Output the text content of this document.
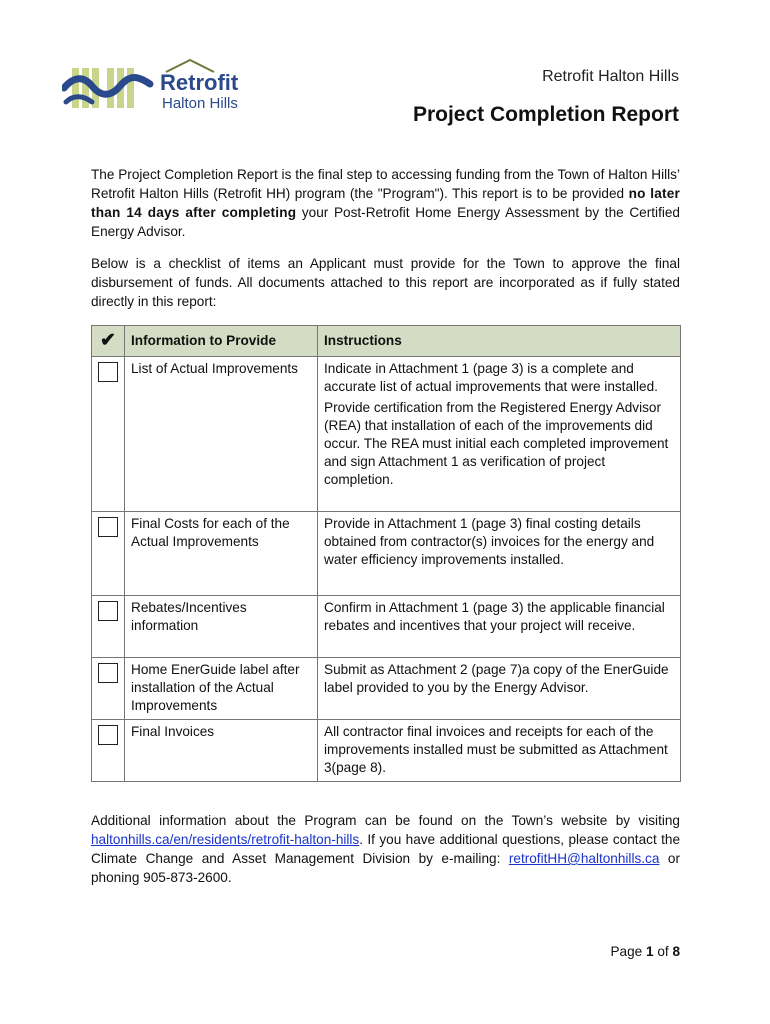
Retrofit
Halton Hills
Retrofit Halton Hills
Project Completion Report
The Project Completion Report is the final step to accessing funding from the Town of Halton Hills’ Retrofit Halton Hills (Retrofit HH) program (the "Program"). This report is to be provided no later than 14 days after completing your Post-Retrofit Home Energy Assessment by the Certified Energy Advisor.
Below is a checklist of items an Applicant must provide for the Town to approve the final disbursement of funds. All documents attached to this report are incorporated as if fully stated directly in this report:
✔	Information to Provide	Instructions
	List of Actual Improvements	Indicate in Attachment 1 (page 3) is a complete and accurate list of actual improvements that were installed.

Provide certification from the Registered Energy Advisor (REA) that installation of each of the improvements did occur. The REA must initial each completed improvement and sign Attachment 1 as verification of project completion.

	Final Costs for each of the Actual Improvements	Provide in Attachment 1 (page 3) final costing details obtained from contractor(s) invoices for the energy and water efficiency improvements installed.
	Rebates/Incentives information	Confirm in Attachment 1 (page 3) the applicable financial rebates and incentives that your project will receive.
	Home EnerGuide label after installation of the Actual Improvements	Submit as Attachment 2 (page 7)a copy of the EnerGuide label provided to you by the Energy Advisor.
	Final Invoices	All contractor final invoices and receipts for each of the improvements installed must be submitted as Attachment 3(page 8).
Additional information about the Program can be found on the Town’s website by visiting haltonhills.ca/en/residents/retrofit-halton-hills. If you have additional questions, please contact the Climate Change and Asset Management Division by e-mailing: retrofitHH@haltonhills.ca or phoning 905-873-2600.
Page 1 of 8
